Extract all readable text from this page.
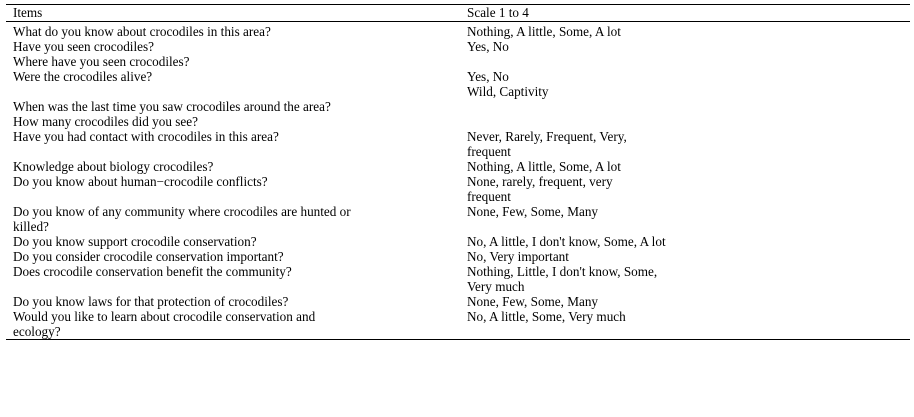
Items	Scale 1 to 4
What do you know about crocodiles in this area?	Nothing, A little, Some, A lot
Have you seen crocodiles?	Yes, No
Where have you seen crocodiles?
Were the crocodiles alive?	Yes, No
Wild, Captivity
When was the last time you saw crocodiles around the area?
How many crocodiles did you see?
Have you had contact with crocodiles in this area?	Never, Rarely, Frequent, Very,
frequent
Knowledge about biology crocodiles?	Nothing, A little, Some, A lot
Do you know about human−crocodile conflicts?	None, rarely, frequent, very
frequent
Do you know of any community where crocodiles are hunted or	None, Few, Some, Many
killed?
Do you know support crocodile conservation?	No, A little, I don't know, Some, A lot
Do you consider crocodile conservation important?	No, Very important
Does crocodile conservation benefit the community?	Nothing, Little, I don't know, Some,
Very much
Do you know laws for that protection of crocodiles?	None, Few, Some, Many
Would you like to learn about crocodile conservation and	No, A little, Some, Very much
ecology?
